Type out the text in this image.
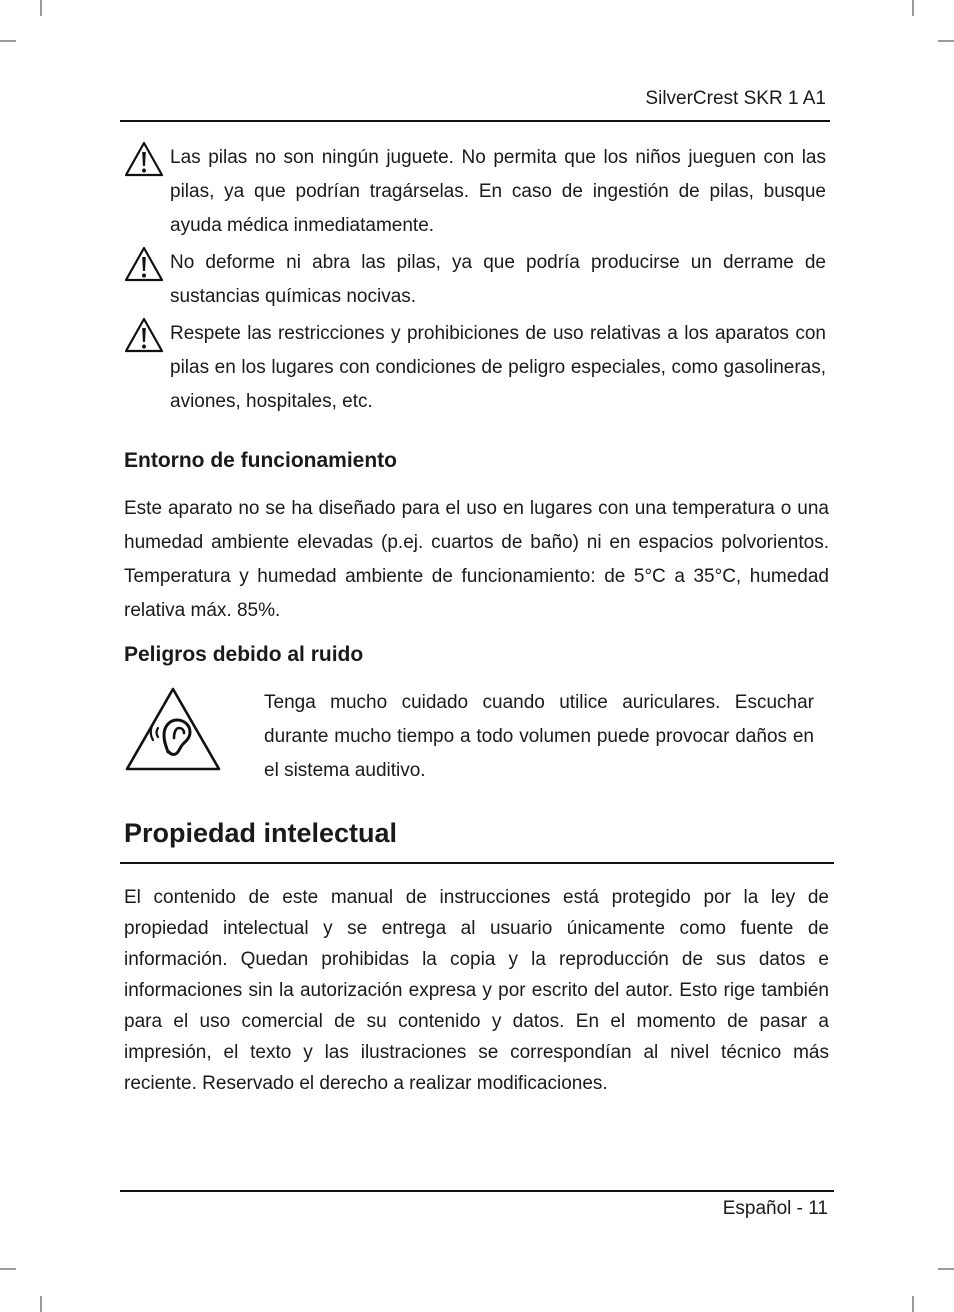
SilverCrest SKR 1 A1
Las pilas no son ningún juguete. No permita que los niños jueguen con las pilas, ya que podrían tragárselas. En caso de ingestión de pilas, busque ayuda médica inmediatamente.
No deforme ni abra las pilas, ya que podría producirse un derrame de sustancias químicas nocivas.
Respete las restricciones y prohibiciones de uso relativas a los aparatos con pilas en los lugares con condiciones de peligro especiales, como gasolineras, aviones, hospitales, etc.
Entorno de funcionamiento
Este aparato no se ha diseñado para el uso en lugares con una temperatura o una humedad ambiente elevadas (p.ej. cuartos de baño) ni en espacios polvorientos. Temperatura y humedad ambiente de funcionamiento: de 5°C a 35°C, humedad relativa máx. 85%.
Peligros debido al ruido
Tenga mucho cuidado cuando utilice auriculares. Escuchar durante mucho tiempo a todo volumen puede provocar daños en el sistema auditivo.
Propiedad intelectual
El contenido de este manual de instrucciones está protegido por la ley de propiedad intelectual y se entrega al usuario únicamente como fuente de información. Quedan prohibidas la copia y la reproducción de sus datos e informaciones sin la autorización expresa y por escrito del autor. Esto rige también para el uso comercial de su contenido y datos. En el momento de pasar a impresión, el texto y las ilustraciones se correspondían al nivel técnico más reciente. Reservado el derecho a realizar modificaciones.
Español - 11
